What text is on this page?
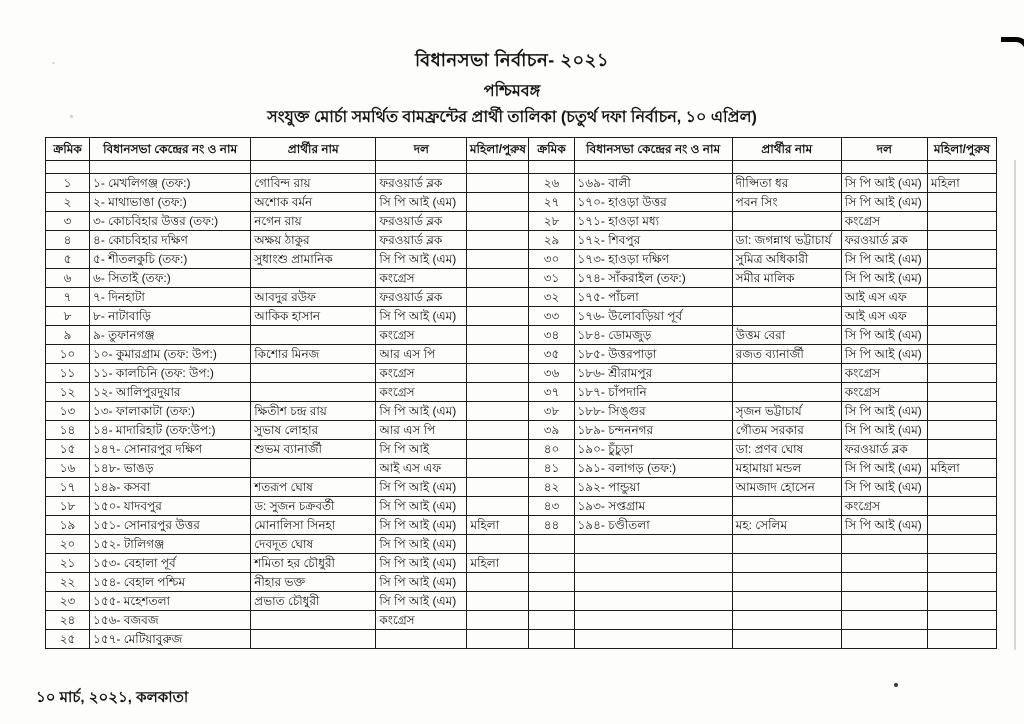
বিধানসভা নির্বাচন- ২০২১
পশ্চিমবঙ্গ
সংযুক্ত মোর্চা সমর্থিত বামফ্রন্টের প্রার্থী তালিকা (চতুর্থ দফা নির্বাচন, ১০ এপ্রিল)
ক্রমিক	বিধানসভা কেন্দ্রের নং ও নাম	প্রার্থীর নাম	দল	মহিলা/পুরুষ	ক্রমিক	বিধানসভা কেন্দ্রের নং ও নাম	প্রার্থীর নাম	দল	মহিলা/পুরুষ

১	১- মেখলিগঞ্জ (তফ:)	গোবিন্দ রায়	ফরওয়ার্ড ব্লক		২৬	১৬৯- বালী	দীপ্সিতা ধর	সি পি আই (এম)	মহিলা
২	২- মাথাভাঙা (তফ:)	অশোক বর্মন	সি পি আই (এম)		২৭	১৭০- হাওড়া উত্তর	পবন সিং	সি পি আই (এম)	
৩	৩- কোচবিহার উত্তর (তফ:)	নগেন রায়	ফরওয়ার্ড ব্লক		২৮	১৭১- হাওড়া মধ্য		কংগ্রেস	
৪	৪- কোচবিহার দক্ষিণ	অক্ষয় ঠাকুর	ফরওয়ার্ড ব্লক		২৯	১৭২- শিবপুর	ডা: জগন্নাথ ভট্টাচার্য	ফরওয়ার্ড ব্লক	
৫	৫- শীতলকুচি (তফ:)	সুধাংশু প্রামানিক	সি পি আই (এম)		৩০	১৭৩- হাওড়া দক্ষিণ	সুমিত্র অধিকারী	সি পি আই (এম)	
৬	৬- সিতাই (তফ:)		কংগ্রেস		৩১	১৭৪- সাঁকরাইল (তফ:)	সমীর মালিক	সি পি আই (এম)	
৭	৭- দিনহাটা	আবদুর রউফ	ফরওয়ার্ড ব্লক		৩২	১৭৫- পাঁচলা		আই এস এফ	
৮	৮- নাটাবাড়ি	আকিক হাসান	সি পি আই (এম)		৩৩	১৭৬- উলোবড়িয়া পূর্ব		আই এস এফ	
৯	৯- তুফানগঞ্জ		কংগ্রেস		৩৪	১৮৪- ডোমজুড়	উত্তম বেরা	সি পি আই (এম)	
১০	১০- কুমারগ্রাম (তফ: উপ:)	কিশোর মিনজ	আর এস পি		৩৫	১৮৫- উত্তরপাড়া	রজত ব্যানার্জী	সি পি আই (এম)	
১১	১১- কালচিনি (তফ: উপ:)		কংগ্রেস		৩৬	১৮৬- শ্রীরামপুর		কংগ্রেস	
১২	১২- আলিপুরদুয়ার		কংগ্রেস		৩৭	১৮৭- চাঁপদানি		কংগ্রেস	
১৩	১৩- ফালাকাটা (তফ:)	ক্ষিতীশ চন্দ্র রায়	সি পি আই (এম)		৩৮	১৮৮- সিঙ্গুর	সৃজন ভট্টাচার্য	সি পি আই (এম)	
১৪	১৪- মাদারিহাট (তফ:উপ:)	সুভাষ লোহার	আর এস পি		৩৯	১৮৯- চন্দননগর	গৌতম সরকার	সি পি আই (এম)	
১৫	১৪৭- সোনারপুর দক্ষিণ	শুভম ব্যানার্জী	সি পি আই		৪০	১৯০- চুঁচুড়া	ডা: প্রণব ঘোষ	ফরওয়ার্ড ব্লক	
১৬	১৪৮- ভাঙড়		আই এস এফ		৪১	১৯১- বলাগড় (তফ:)	মহামায়া মন্ডল	সি পি আই (এম)	মহিলা
১৭	১৪৯- কসবা	শতরূপ ঘোষ	সি পি আই (এম)		৪২	১৯২- পান্ডুয়া	আমজাদ হোসেন	সি পি আই (এম)	
১৮	১৫০- যাদবপুর	ড: সুজন চক্রবর্তী	সি পি আই (এম)		৪৩	১৯৩- সপ্তগ্রাম		কংগ্রেস	
১৯	১৫১- সোনারপুর উত্তর	মোনালিসা সিনহা	সি পি আই (এম)	মহিলা	৪৪	১৯৪- চণ্ডীতলা	মহ: সেলিম	সি পি আই (এম)	
২০	১৫২- টালিগঞ্জ	দেবদূত ঘোষ	সি পি আই (এম)						
২১	১৫৩- বেহালা পূর্ব	শমিতা হর চৌধুরী	সি পি আই (এম)	মহিলা					
২২	১৫৪- বেহাল পশ্চিম	নীহার ভক্ত	সি পি আই (এম)						
২৩	১৫৫- মহেশতলা	প্রভাত চৌধুরী	সি পি আই (এম)						
২৪	১৫৬- বজবজ		কংগ্রেস						
২৫	১৫৭- মেটিয়াবুরুজ								
১০ মার্চ, ২০২১, কলকাতা
